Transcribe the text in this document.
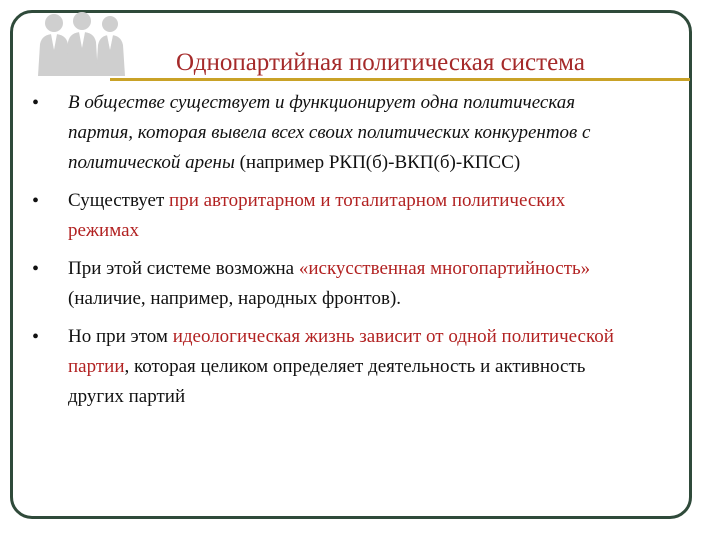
Однопартийная политическая система
• В обществе существует и функционирует одна политическая партия, которая вывела всех своих политических конкурентов с политической арены (например РКП(б)-ВКП(б)-КПСС)
• Существует при авторитарном и тоталитарном политических режимах
• При этой системе возможна «искусственная многопартийность» (наличие, например, народных фронтов).
• Но при этом идеологическая жизнь зависит от одной политической партии, которая целиком определяет деятельность и активность других партий
